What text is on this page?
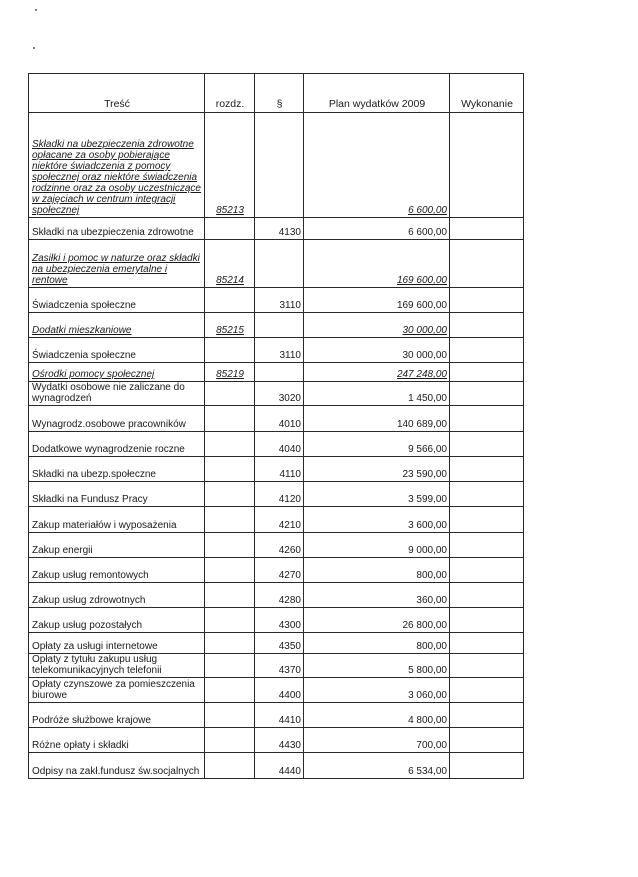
Treść	rozdz.	§	Plan wydatków 2009	Wykonanie
Składki na ubezpieczenia zdrowotne opłacane za osoby pobierające niektóre świadczenia z pomocy społecznej oraz niektóre świadczenia rodzinne oraz za osoby uczestniczące w zajęciach w centrum integracji społecznej	85213		6 600,00	
Składki na ubezpieczenia zdrowotne		4130	6 600,00	
Zasiłki i pomoc w naturze oraz składki na ubezpieczenia emerytalne i rentowe	85214		169 600,00	
Świadczenia społeczne		3110	169 600,00	
Dodatki mieszkaniowe	85215		30 000,00	
Świadczenia społeczne		3110	30 000,00	
Ośrodki pomocy społecznej	85219		247 248,00	
Wydatki osobowe nie zaliczane do wynagrodzeń		3020	1 450,00	
Wynagrodz.osobowe pracowników		4010	140 689,00	
Dodatkowe wynagrodzenie roczne		4040	9 566,00	
Składki na ubezp.społeczne		4110	23 590,00	
Składki na Fundusz Pracy		4120	3 599,00	
Zakup materiałów i wyposażenia		4210	3 600,00	
Zakup energii		4260	9 000,00	
Zakup usług remontowych		4270	800,00	
Zakup usług zdrowotnych		4280	360,00	
Zakup usług pozostałych		4300	26 800,00	
Opłaty za usługi internetowe		4350	800,00	
Opłaty z tytułu zakupu usług telekomunikacyjnych telefonii		4370	5 800,00	
Opłaty czynszowe za pomieszczenia biurowe		4400	3 060,00	
Podróże służbowe krajowe		4410	4 800,00	
Różne opłaty i składki		4430	700,00	
Odpisy na zakł.fundusz św.socjalnych		4440	6 534,00	
